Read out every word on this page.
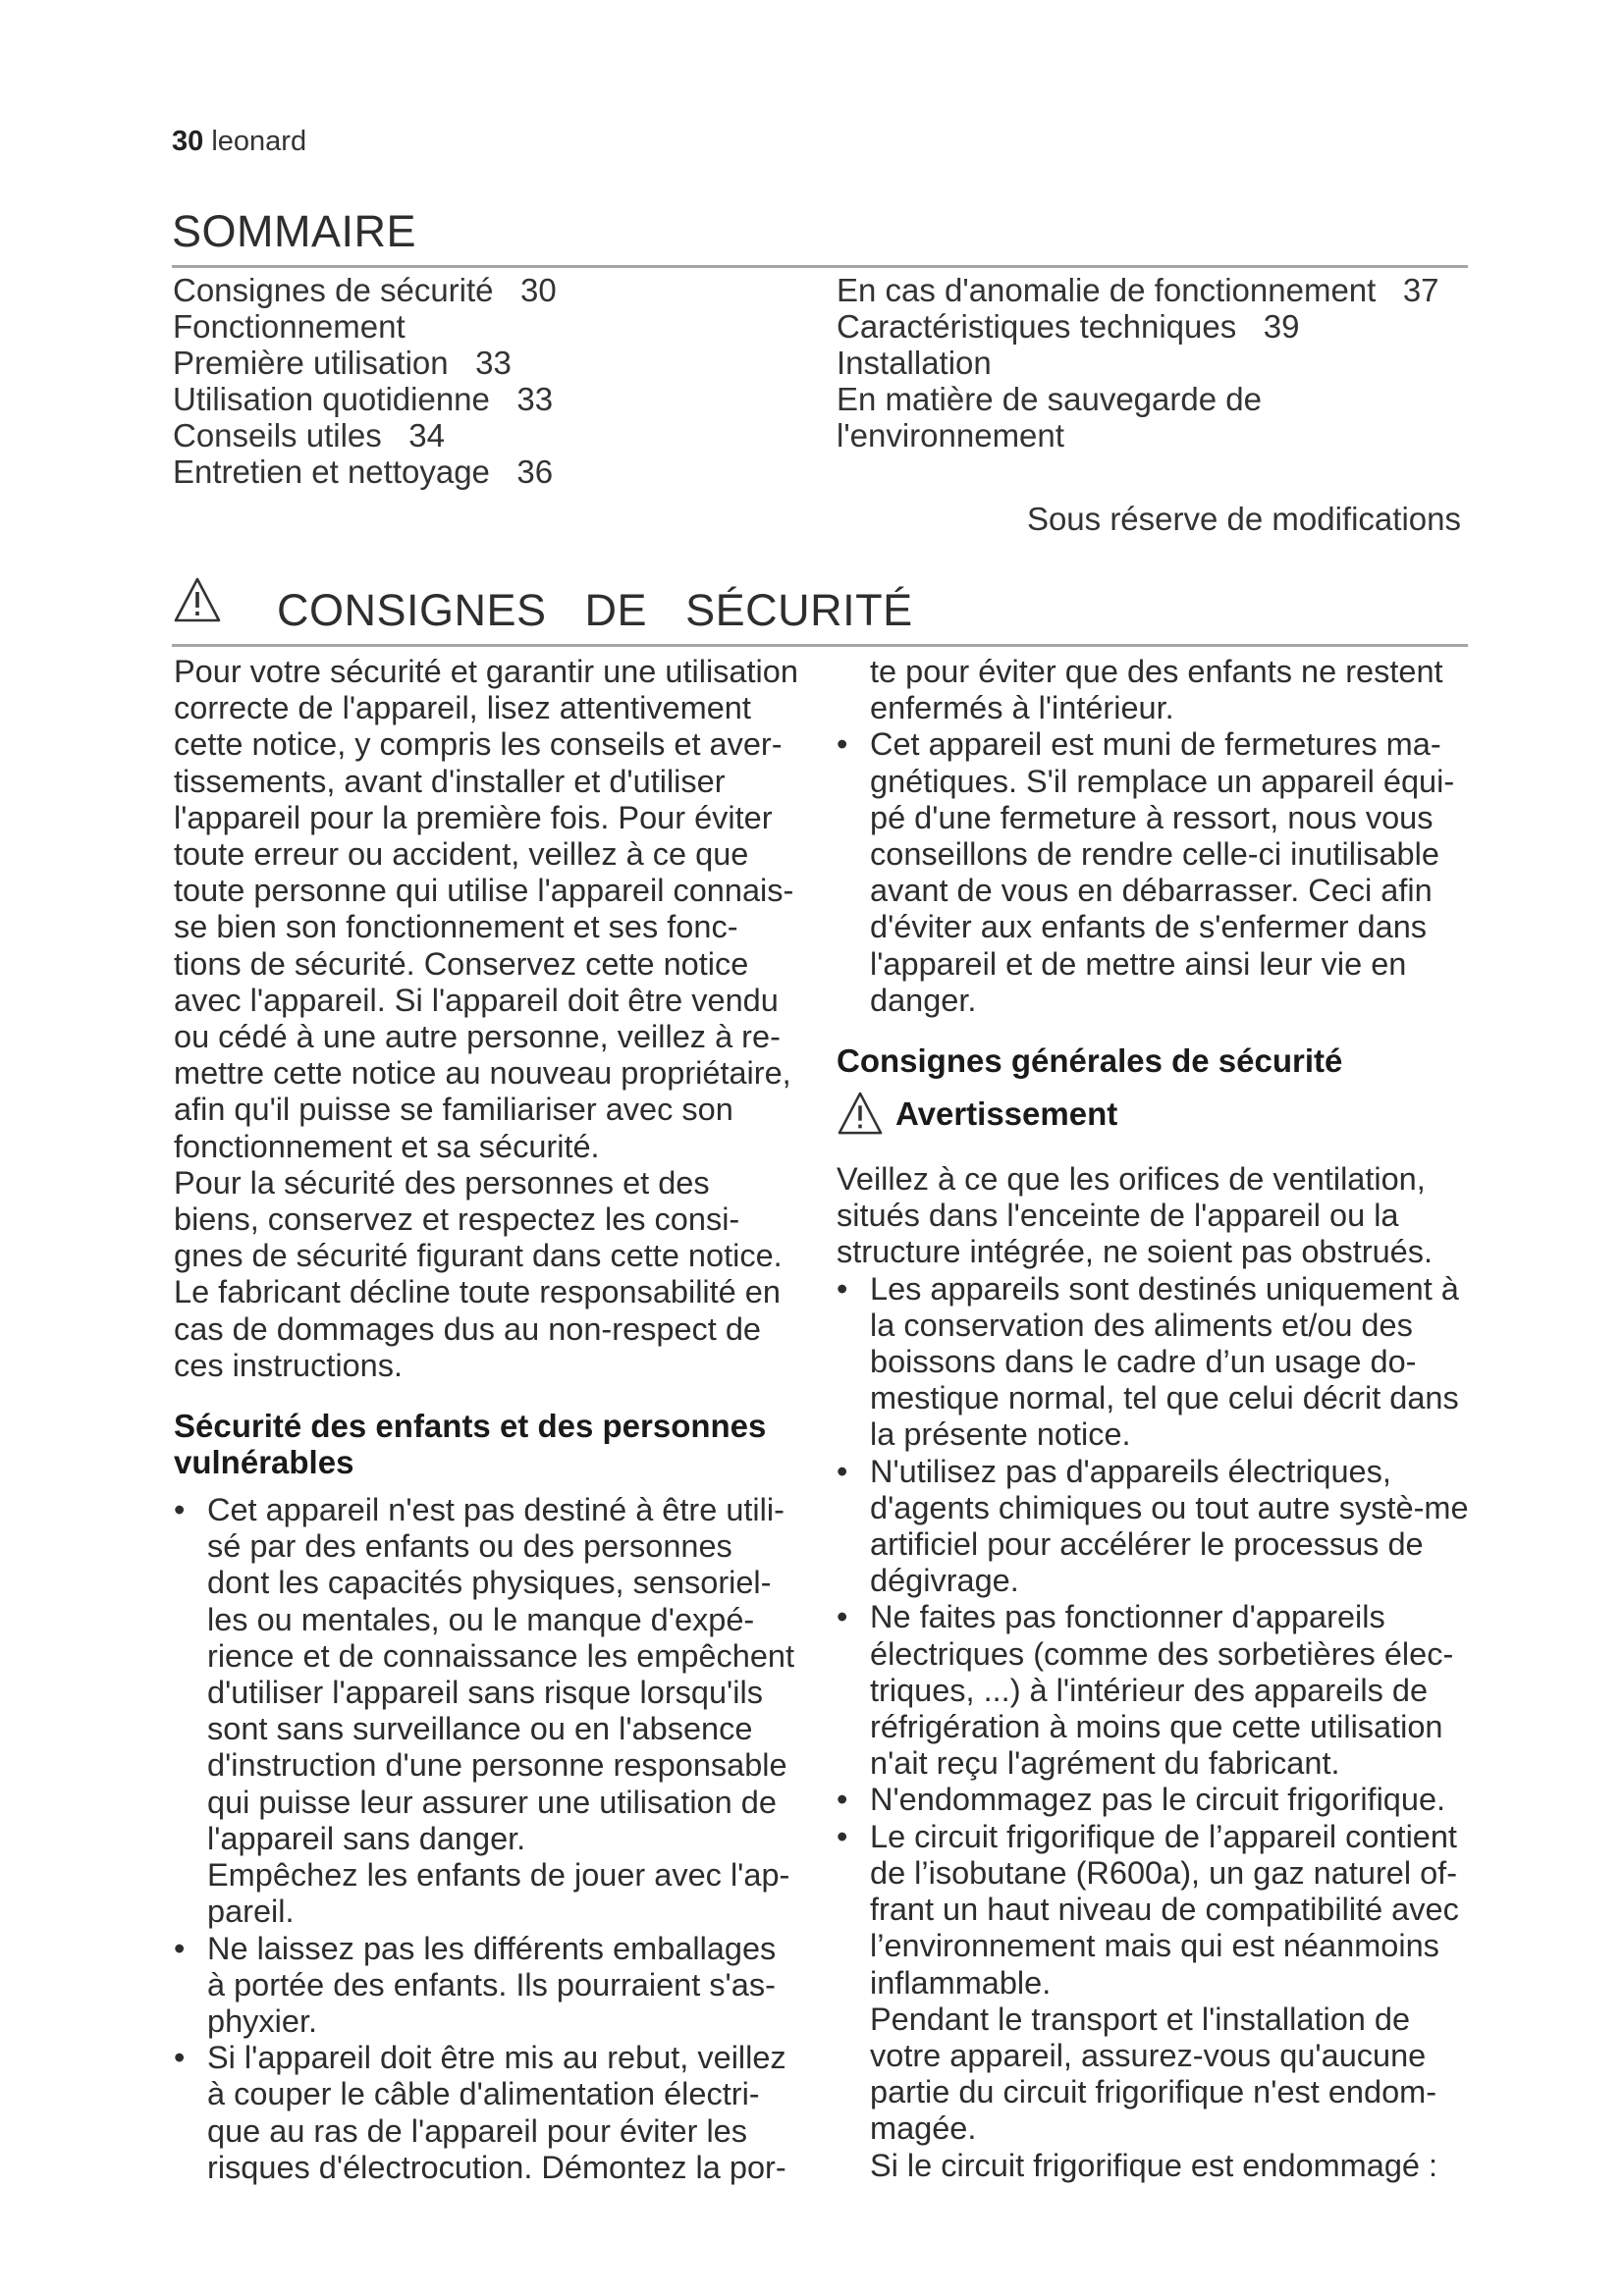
30 leonard
SOMMAIRE
Consignes de sécurité   30
Fonctionnement
Première utilisation   33
Utilisation quotidienne   33
Conseils utiles   34
Entretien et nettoyage   36
En cas d'anomalie de fonctionnement   37
Caractéristiques techniques   39
Installation
En matière de sauvegarde de
l'environnement
Sous réserve de modifications
CONSIGNES   DE   SÉCURITÉ

Pour votre sécurité et garantir une utilisation correcte de l'appareil, lisez attentivement cette notice, y compris les conseils et aver-tissements, avant d'installer et d'utiliser l'appareil pour la première fois. Pour éviter toute erreur ou accident, veillez à ce que toute personne qui utilise l'appareil connais-se bien son fonctionnement et ses fonc-tions de sécurité. Conservez cette notice avec l'appareil. Si l'appareil doit être vendu ou cédé à une autre personne, veillez à re-mettre cette notice au nouveau propriétaire, afin qu'il puisse se familiariser avec son fonctionnement et sa sécurité.

Pour la sécurité des personnes et des biens, conservez et respectez les consi-gnes de sécurité figurant dans cette notice. Le fabricant décline toute responsabilité en cas de dommages dus au non-respect de ces instructions.

Sécurité des enfants et des personnes vulnérables

• Cet appareil n'est pas destiné à être utili-sé par des enfants ou des personnes dont les capacités physiques, sensoriel-les ou mentales, ou le manque d'expé-rience et de connaissance les empêchent d'utiliser l'appareil sans risque lorsqu'ils sont sans surveillance ou en l'absence d'instruction d'une personne responsable qui puisse leur assurer une utilisation de l'appareil sans danger.
Empêchez les enfants de jouer avec l'ap-pareil.
• Ne laissez pas les différents emballages à portée des enfants. Ils pourraient s'as-phyxier.
• Si l'appareil doit être mis au rebut, veillez à couper le câble d'alimentation électri-que au ras de l'appareil pour éviter les risques d'électrocution. Démontez la por-

te pour éviter que des enfants ne restent enfermés à l'intérieur.

• Cet appareil est muni de fermetures ma-gnétiques. S'il remplace un appareil équi-pé d'une fermeture à ressort, nous vous conseillons de rendre celle-ci inutilisable avant de vous en débarrasser. Ceci afin d'éviter aux enfants de s'enfermer dans l'appareil et de mettre ainsi leur vie en danger.

Consignes générales de sécurité

Avertissement

Veillez à ce que les orifices de ventilation, situés dans l'enceinte de l'appareil ou la structure intégrée, ne soient pas obstrués.

• Les appareils sont destinés uniquement à la conservation des aliments et/ou des boissons dans le cadre d’un usage do-mestique normal, tel que celui décrit dans la présente notice.
• N'utilisez pas d'appareils électriques, d'agents chimiques ou tout autre systè-me artificiel pour accélérer le processus de dégivrage.
• Ne faites pas fonctionner d'appareils électriques (comme des sorbetières élec-triques, ...) à l'intérieur des appareils de réfrigération à moins que cette utilisation n'ait reçu l'agrément du fabricant.
• N'endommagez pas le circuit frigorifique.
• Le circuit frigorifique de l’appareil contient de l’isobutane (R600a), un gaz naturel of-frant un haut niveau de compatibilité avec l’environnement mais qui est néanmoins inflammable.
Pendant le transport et l'installation de votre appareil, assurez-vous qu'aucune partie du circuit frigorifique n'est endom-magée.
Si le circuit frigorifique est endommagé :
